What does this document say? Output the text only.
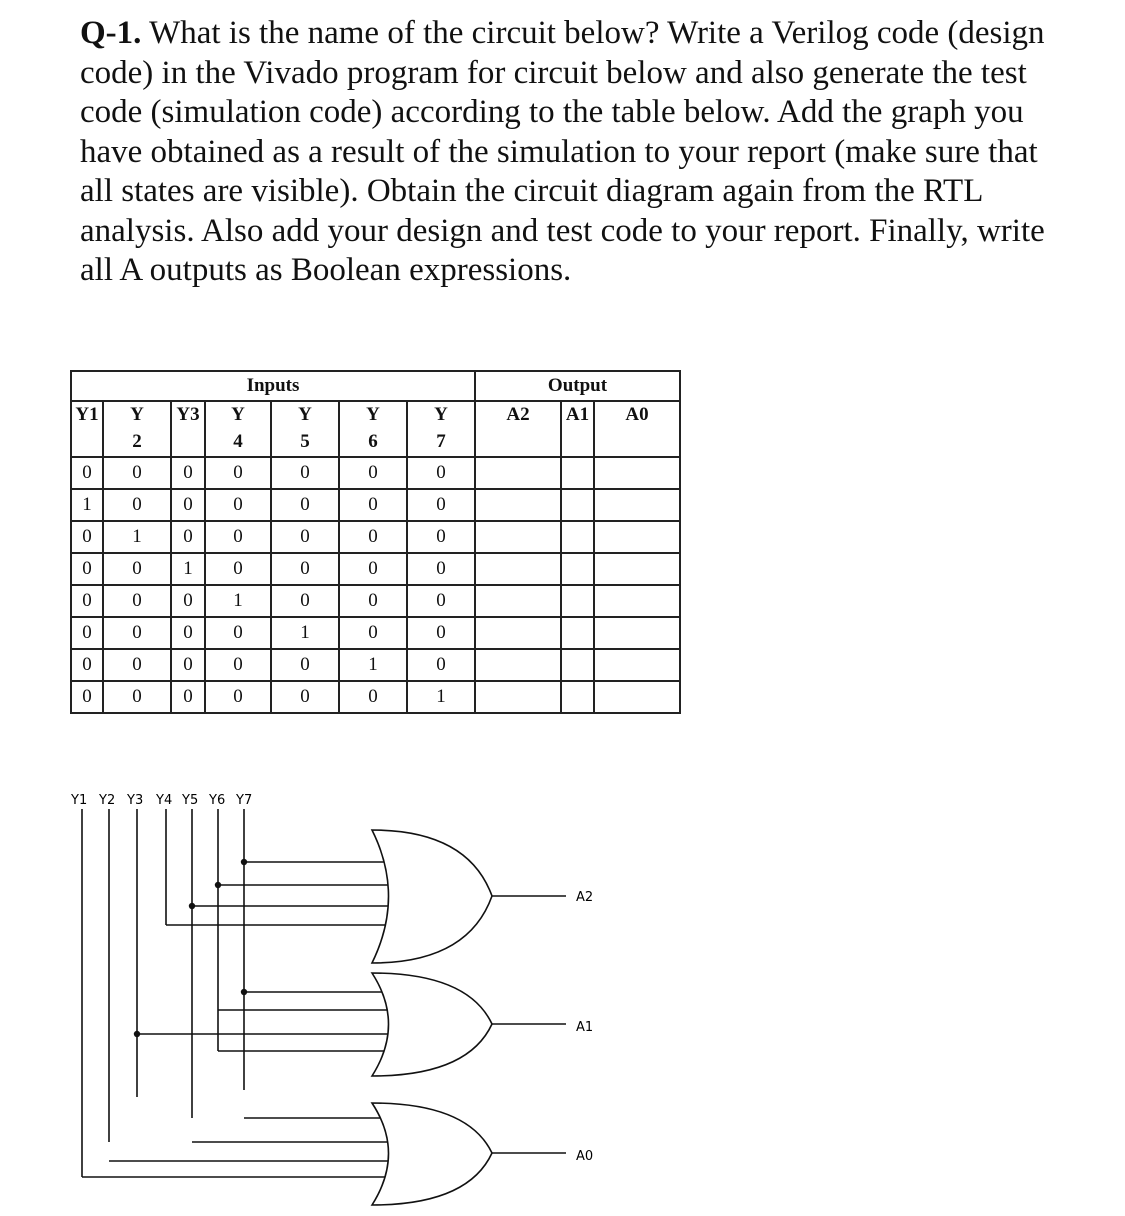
Q-1. What is the name of the circuit below? Write a Verilog code (design code) in the Vivado program for circuit below and also generate the test code (simulation code) according to the table below. Add the graph you have obtained as a result of the simulation to your report (make sure that all states are visible). Obtain the circuit diagram again from the RTL analysis. Also add your design and test code to your report. Finally, write all A outputs as Boolean expressions.

Inputs							Output		
Y1	Y	Y3	Y	Y	Y	Y	A2	A1	A0
	2		4	5	6	7			
0	0	0	0	0	0	0			
1	0	0	0	0	0	0			
0	1	0	0	0	0	0			
0	0	1	0	0	0	0			
0	0	0	1	0	0	0			
0	0	0	0	1	0	0			
0	0	0	0	0	1	0			
0	0	0	0	0	0	1			
Y1 Y2 Y3 Y4 Y5 Y6 Y7
A2
A1
A0
